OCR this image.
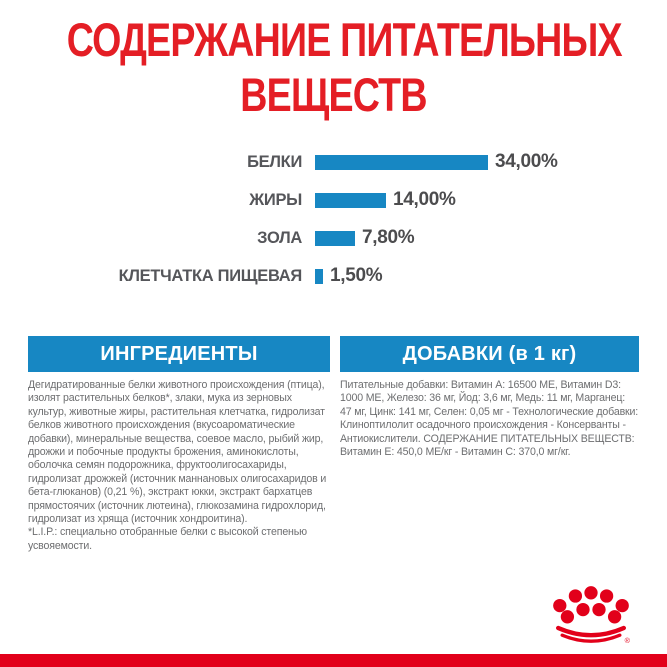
СОДЕРЖАНИЕ ПИТАТЕЛЬНЫХ
ВЕЩЕСТВ
БЕЛКИ	34,00%
ЖИРЫ	14,00%
ЗОЛА	7,80%
КЛЕТЧАТКА ПИЩЕВАЯ 1,50%
ИНГРЕДИЕНТЫ
Дегидратированные белки животного происхождения (птица), изолят растительных белков*, злаки, мука из зерновых культур, животные жиры, растительная клетчатка, гидролизат белков животного происхождения (вкусоароматические добавки), минеральные вещества, соевое масло, рыбий жир, дрожжи и побочные продукты брожения, аминокислоты, оболочка семян подорожника, фруктоолигосахариды, гидролизат дрожжей (источник маннановых олигосахаридов и бета-глюканов) (0,21 %), экстракт юкки, экстракт бархатцев прямостоячих (источник лютеина), глюкозамина гидрохлорид, гидролизат из хряща (источник хондроитина).
*L.I.P.: специально отобранные белки с высокой степенью усвояемости.
ДОБАВКИ (в 1 кг)
Питательные добавки: Витамин A: 16500 МЕ, Витамин D3: 1000 МЕ, Железо: 36 мг, Йод: 3,6 мг, Медь: 11 мг, Марганец: 47 мг, Цинк: 141 мг, Селен: 0,05 мг - Технологические добавки: Клиноптилолит осадочного происхождения - Консерванты - Антиокислители. СОДЕРЖАНИЕ ПИТАТЕЛЬНЫХ ВЕЩЕСТВ: Витамин E: 450,0 МЕ/кг - Витамин C: 370,0 мг/кг.
®
